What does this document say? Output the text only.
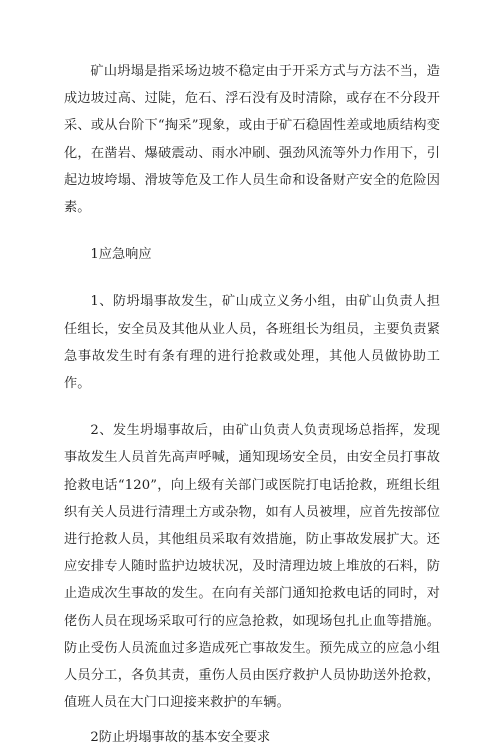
矿山坍塌是指采场边坡不稳定由于开采方式与方法不当，造成边坡过高、过陡，危石、浮石没有及时清除，或存在不分段开采、或从台阶下“掏采”现象，或由于矿石稳固性差或地质结构变化，在凿岩、爆破震动、雨水冲刷、强劲风流等外力作用下，引起边坡垮塌、滑坡等危及工作人员生命和设备财产安全的危险因素。

1应急响应

1、防坍塌事故发生，矿山成立义务小组，由矿山负责人担任组长，安全员及其他从业人员，各班组长为组员，主要负责紧急事故发生时有条有理的进行抢救或处理，其他人员做协助工作。

2、发生坍塌事故后，由矿山负责人负责现场总指挥，发现事故发生人员首先高声呼喊，通知现场安全员，由安全员打事故抢救电话“120”，向上级有关部门或医院打电话抢救，班组长组织有关人员进行清理土方或杂物，如有人员被埋，应首先按部位进行抢救人员，其他组员采取有效措施，防止事故发展扩大。还应安排专人随时监护边坡状况，及时清理边坡上堆放的石料，防止造成次生事故的发生。在向有关部门通知抢救电话的同时，对佬伤人员在现场采取可行的应急抢救，如现场包扎止血等措施。防止受伤人员流血过多造成死亡事故发生。预先成立的应急小组人员分工，各负其责，重伤人员由医疗救护人员协助送外抢救，值班人员在大门口迎接来救护的车辆。

2防止坍塌事故的基本安全要求
